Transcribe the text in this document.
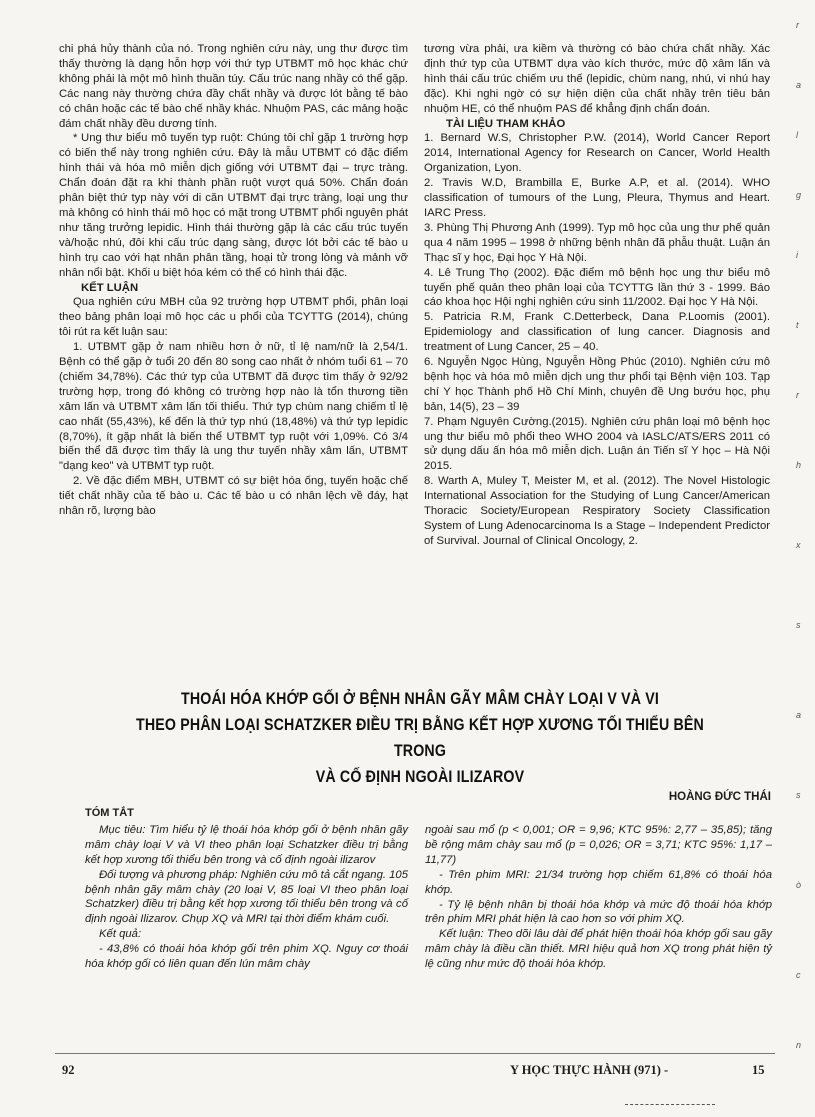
chi phá hủy thành của nó. Trong nghiên cứu này, ung thư được tìm thấy thường là dạng hỗn hợp với thứ typ UTBMT mô học khác chứ không phải là một mô hình thuần túy. Cấu trúc nang nhầy có thể gặp. Các nang này thường chứa đầy chất nhầy và được lót bằng tế bào có chân hoặc các tế bào chế nhầy khác. Nhuộm PAS, các mảng hoặc đám chất nhầy đều dương tính.

* Ung thư biểu mô tuyến typ ruột: Chúng tôi chỉ gặp 1 trường hợp có biến thể này trong nghiên cứu. Đây là mẫu UTBMT có đặc điểm hình thái và hóa mô miễn dịch giống với UTBMT đại – trực tràng. Chẩn đoán đặt ra khi thành phần ruột vượt quá 50%. Chẩn đoán phân biệt thứ typ này với di căn UTBMT đại trực tràng, loại ung thư mà không có hình thái mô học có mặt trong UTBMT phổi nguyên phát như tăng trưởng lepidic. Hình thái thường gặp là các cấu trúc tuyến và/hoặc nhú, đôi khi cấu trúc dạng sàng, được lót bởi các tế bào u hình trụ cao với hạt nhân phân tầng, hoại tử trong lòng và mảnh vỡ nhân nổi bật. Khối u biệt hóa kém có thể có hình thái đặc.

KẾT LUẬN

Qua nghiên cứu MBH của 92 trường hợp UTBMT phổi, phân loại theo bảng phân loại mô học các u phổi của TCYTTG (2014), chúng tôi rút ra kết luận sau:

1. UTBMT gặp ở nam nhiều hơn ở nữ, tỉ lệ nam/nữ là 2,54/1. Bệnh có thể gặp ở tuổi 20 đến 80 song cao nhất ở nhóm tuổi 61 – 70 (chiếm 34,78%). Các thứ typ của UTBMT đã được tìm thấy ở 92/92 trường hợp, trong đó không có trường hợp nào là tổn thương tiền xâm lấn và UTBMT xâm lấn tối thiểu. Thứ typ chùm nang chiếm tỉ lệ cao nhất (55,43%), kế đến là thứ typ nhú (18,48%) và thứ typ lepidic (8,70%), ít gặp nhất là biến thể UTBMT typ ruột với 1,09%. Có 3/4 biến thể đã được tìm thấy là ung thư tuyến nhầy xâm lấn, UTBMT "dạng keo" và UTBMT typ ruột.

2. Về đặc điểm MBH, UTBMT có sự biệt hóa ống, tuyến hoặc chế tiết chất nhầy của tế bào u. Các tế bào u có nhân lệch về đáy, hạt nhân rõ, lượng bào

tương vừa phải, ưa kiềm và thường có bào chứa chất nhầy. Xác định thứ typ của UTBMT dựa vào kích thước, mức độ xâm lấn và hình thái cấu trúc chiếm ưu thế (lepidic, chùm nang, nhú, vi nhú hay đặc). Khi nghi ngờ có sự hiện diện của chất nhầy trên tiêu bản nhuộm HE, có thể nhuộm PAS để khẳng định chẩn đoán.

TÀI LIỆU THAM KHẢO

1. Bernard W.S, Christopher P.W. (2014), World Cancer Report 2014, International Agency for Research on Cancer, World Health Organization, Lyon.

2. Travis W.D, Brambilla E, Burke A.P, et al. (2014). WHO classification of tumours of the Lung, Pleura, Thymus and Heart. IARC Press.

3. Phùng Thị Phương Anh (1999). Typ mô học của ung thư phế quản qua 4 năm 1995 – 1998 ở những bệnh nhân đã phẫu thuật. Luận án Thạc sĩ y học, Đại học Y Hà Nội.

4. Lê Trung Thọ (2002). Đặc điểm mô bệnh học ung thư biểu mô tuyến phế quản theo phân loại của TCYTTG lần thứ 3 - 1999. Báo cáo khoa học Hội nghị nghiên cứu sinh 11/2002. Đại học Y Hà Nội.

5. Patricia R.M, Frank C.Detterbeck, Dana P.Loomis (2001). Epidemiology and classification of lung cancer. Diagnosis and treatment of Lung Cancer, 25 – 40.

6. Nguyễn Ngọc Hùng, Nguyễn Hồng Phúc (2010). Nghiên cứu mô bệnh học và hóa mô miễn dịch ung thư phổi tại Bệnh viện 103. Tạp chí Y học Thành phố Hồ Chí Minh, chuyên đề Ung bướu học, phụ bản, 14(5), 23 – 39

7. Phạm Nguyên Cường.(2015). Nghiên cứu phân loại mô bệnh học ung thư biểu mô phổi theo WHO 2004 và IASLC/ATS/ERS 2011 có sử dụng dấu ấn hóa mô miễn dịch. Luận án Tiến sĩ Y học – Hà Nội 2015.

8. Warth A, Muley T, Meister M, et al. (2012). The Novel Histologic International Association for the Studying of Lung Cancer/American Thoracic Society/European Respiratory Society Classification System of Lung Adenocarcinoma Is a Stage – Independent Predictor of Survival. Journal of Clinical Oncology, 2.

THOÁI HÓA KHỚP GỐI Ở BỆNH NHÂN GÃY MÂM CHÀY LOẠI V VÀ VI
THEO PHÂN LOẠI SCHATZKER ĐIỀU TRỊ BẰNG KẾT HỢP XƯƠNG TỐI THIỂU BÊN TRONG
VÀ CỐ ĐỊNH NGOÀI ILIZAROV
HOÀNG ĐỨC THÁI

TÓM TẮT

Mục tiêu: Tìm hiểu tỷ lệ thoái hóa khớp gối ở bệnh nhân gãy mâm chày loại V và VI theo phân loại Schatzker điều trị bằng kết hợp xương tối thiểu bên trong và cố định ngoài ilizarov

Đối tượng và phương pháp: Nghiên cứu mô tả cắt ngang. 105 bệnh nhân gãy mâm chày (20 loại V, 85 loại VI theo phân loại Schatzker) điều trị bằng kết hợp xương tối thiểu bên trong và cố định ngoài Ilizarov. Chụp XQ và MRI tại thời điểm khám cuối.

Kết quả:

- 43,8% có thoái hóa khớp gối trên phim XQ. Nguy cơ thoái hóa khớp gối có liên quan đến lún mâm chày

ngoài sau mổ (p < 0,001; OR = 9,96; KTC 95%: 2,77 – 35,85); tăng bề rộng mâm chày sau mổ (p = 0,026; OR = 3,71; KTC 95%: 1,17 – 11,77)

- Trên phim MRI: 21/34 trường hợp chiếm 61,8% có thoái hóa khớp.

- Tỷ lệ bệnh nhân bị thoái hóa khớp và mức độ thoái hóa khớp trên phim MRI phát hiện là cao hơn so với phim XQ.

Kết luận: Theo dõi lâu dài để phát hiện thoái hóa khớp gối sau gãy mâm chày là điều cần thiết. MRI hiệu quả hơn XQ trong phát hiện tỷ lệ cũng như mức độ thoái hóa khớp.

92	Y HỌC THỰC HÀNH (971) -	15
r
a
l
g
i
t
r
h
x
s
a
s
ò
c
n
